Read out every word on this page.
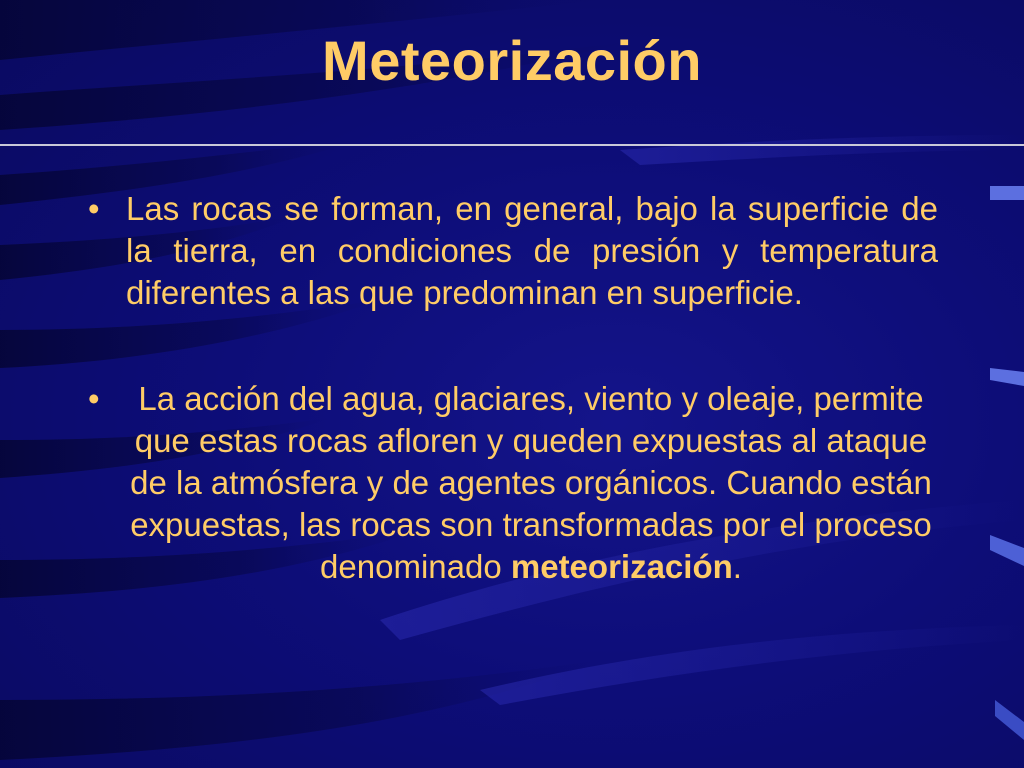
Meteorización
• Las rocas se forman, en general, bajo la superficie de la tierra, en condiciones de presión y temperatura diferentes a las que predominan en superficie.
•	La acción del agua, glaciares, viento y oleaje, permite que estas rocas afloren y queden expuestas al ataque de la atmósfera y de agentes orgánicos. Cuando están expuestas, las rocas son transformadas por el proceso denominado meteorización.
